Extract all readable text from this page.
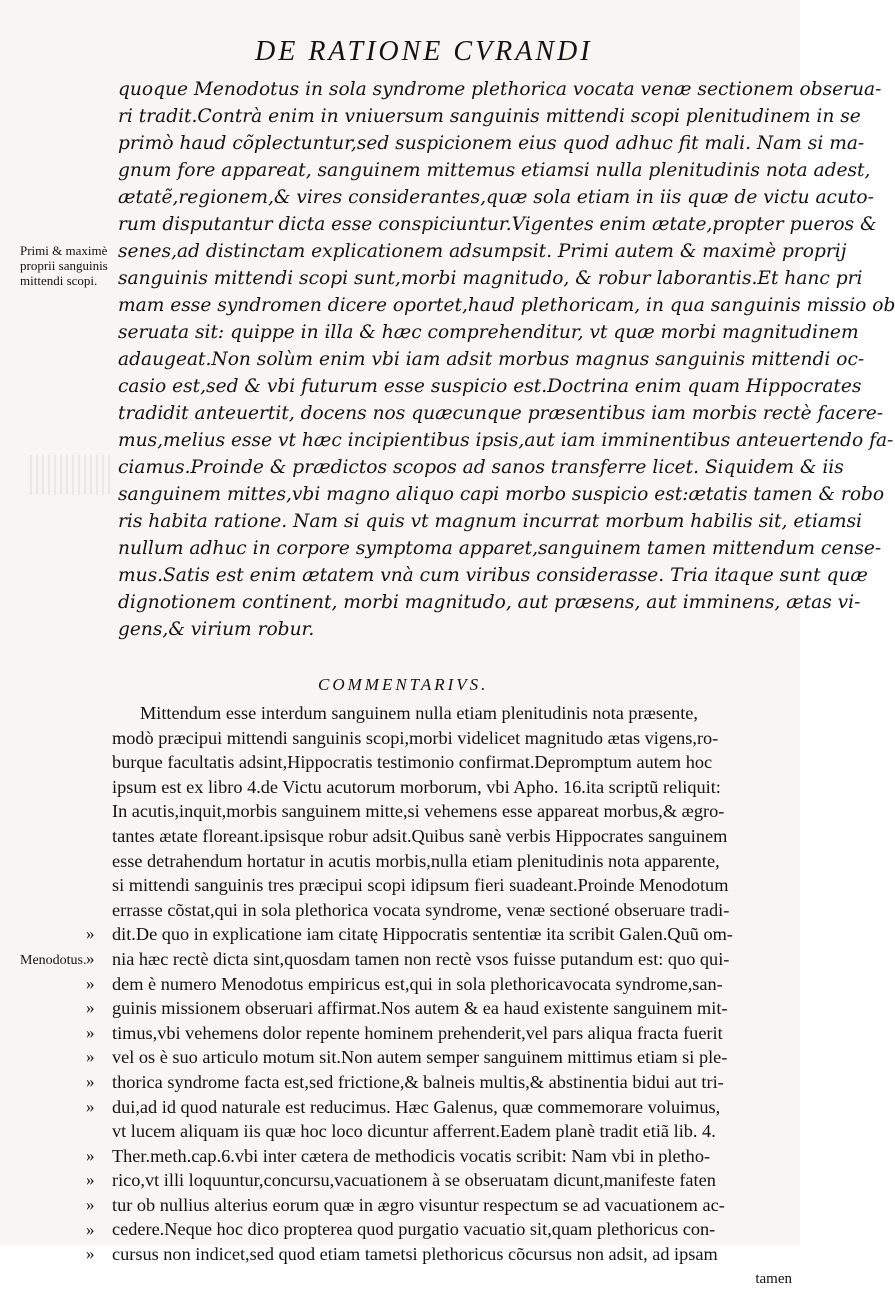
DE RATIONE CVRANDI
quoque Menodotus in sola syndrome plethorica vocata venæ sectionem obserua-
ri tradit.Contrà enim in vniuersum sanguinis mittendi scopi plenitudinem in se
primò haud cõplectuntur,sed suspicionem eius quod adhuc fit mali. Nam si ma-
gnum fore appareat, sanguinem mittemus etiamsi nulla plenitudinis nota adest,
ætatẽ,regionem,& vires considerantes,quæ sola etiam in iis quæ de victu acuto-
rum disputantur dicta esse conspiciuntur.Vigentes enim ætate,propter pueros &
senes,ad distinctam explicationem adsumpsit. Primi autem & maximè proprij
sanguinis mittendi scopi sunt,morbi magnitudo, & robur laborantis.Et hanc pri
mam esse syndromen dicere oportet,haud plethoricam, in qua sanguinis missio ob
seruata sit: quippe in illa & hæc comprehenditur, vt quæ morbi magnitudinem
adaugeat.Non solùm enim vbi iam adsit morbus magnus sanguinis mittendi oc-
casio est,sed & vbi futurum esse suspicio est.Doctrina enim quam Hippocrates
tradidit anteuertit, docens nos quæcunque præsentibus iam morbis rectè facere-
mus,melius esse vt hæc incipientibus ipsis,aut iam imminentibus anteuertendo fa-
ciamus.Proinde & prædictos scopos ad sanos transferre licet. Siquidem & iis
sanguinem mittes,vbi magno aliquo capi morbo suspicio est:ætatis tamen & robo
ris habita ratione. Nam si quis vt magnum incurrat morbum habilis sit, etiamsi
nullum adhuc in corpore symptoma apparet,sanguinem tamen mittendum cense-
mus.Satis est enim ætatem vnà cum viribus considerasse. Tria itaque sunt quæ
dignotionem continent, morbi magnitudo, aut præsens, aut imminens, ætas vi-
gens,& virium robur.
Primi & maximè
proprii sanguinis
mittendi scopi.
COMMENTARIVS.
Mittendum esse interdum sanguinem nulla etiam plenitudinis nota præsente,
modò præcipui mittendi sanguinis scopi,morbi videlicet magnitudo ætas vigens,ro-
burque facultatis adsint,Hippocratis testimonio confirmat.Depromptum autem hoc
ipsum est ex libro 4.de Victu acutorum morborum, vbi Apho. 16.ita scriptũ reliquit:
In acutis,inquit,morbis sanguinem mitte,si vehemens esse appareat morbus,& ægro-
tantes ætate floreant.ipsisque robur adsit.Quibus sanè verbis Hippocrates sanguinem
esse detrahendum hortatur in acutis morbis,nulla etiam plenitudinis nota apparente,
si mittendi sanguinis tres præcipui scopi idipsum fieri suadeant.Proinde Menodotum
errasse cõstat,qui in sola plethorica vocata syndrome, venæ sectioné obseruare tradi-
dit.De quo in explicatione iam citatę Hippocratis sententiæ ita scribit Galen.Quũ om-
nia hæc rectè dicta sint,quosdam tamen non rectè vsos fuisse putandum est: quo qui-
dem è numero Menodotus empiricus est,qui in sola plethoricavocata syndrome,san-
guinis missionem obseruari affirmat.Nos autem & ea haud existente sanguinem mit-
timus,vbi vehemens dolor repente hominem prehenderit,vel pars aliqua fracta fuerit
vel os è suo articulo motum sit.Non autem semper sanguinem mittimus etiam si ple-
thorica syndrome facta est,sed frictione,& balneis multis,& abstinentia bidui aut tri-
dui,ad id quod naturale est reducimus. Hæc Galenus, quæ commemorare voluimus,
vt lucem aliquam iis quæ hoc loco dicuntur afferrent.Eadem planè tradit etiã lib. 4.
Ther.meth.cap.6.vbi inter cætera de methodicis vocatis scribit: Nam vbi in pletho-
rico,vt illi loquuntur,concursu,vacuationem à se obseruatam dicunt,manifeste faten
tur ob nullius alterius eorum quæ in ægro visuntur respectum se ad vacuationem ac-
cedere.Neque hoc dico propterea quod purgatio vacuatio sit,quam plethoricus con-
cursus non indicet,sed quod etiam tametsi plethoricus cõcursus non adsit, ad ipsam
tamen
Menodotus.
»
»
»
»
»
»
»
»
»
»
»
»
»
